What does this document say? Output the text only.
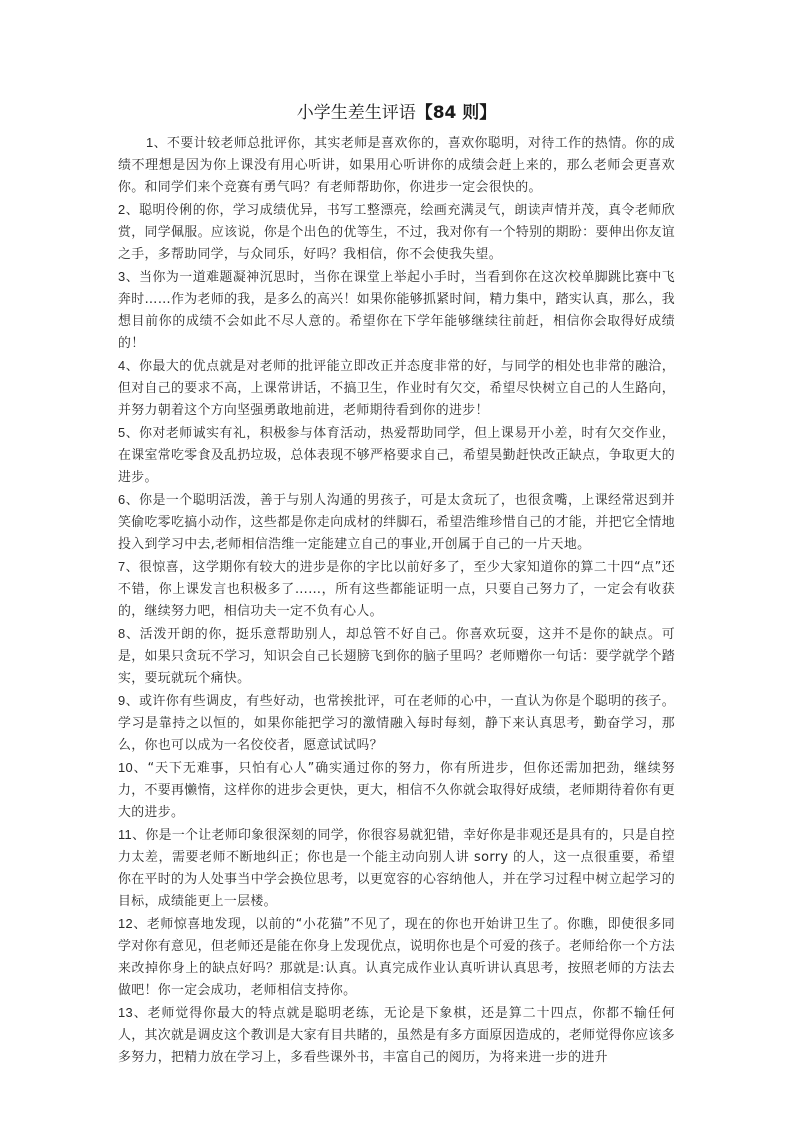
小学生差生评语【84 则】

1、不要计较老师总批评你，其实老师是喜欢你的，喜欢你聪明，对待工作的热情。你的成绩不理想是因为你上课没有用心听讲，如果用心听讲你的成绩会赶上来的，那么老师会更喜欢你。和同学们来个竞赛有勇气吗？有老师帮助你，你进步一定会很快的。

2、聪明伶俐的你，学习成绩优异，书写工整漂亮，绘画充满灵气，朗读声情并茂，真令老师欣赏，同学佩服。应该说，你是个出色的优等生，不过，我对你有一个特别的期盼：要伸出你友谊之手，多帮助同学，与众同乐，好吗？我相信，你不会使我失望。

3、当你为一道难题凝神沉思时，当你在课堂上举起小手时，当看到你在这次校单脚跳比赛中飞奔时……作为老师的我，是多么的高兴！如果你能够抓紧时间，精力集中，踏实认真，那么，我想目前你的成绩不会如此不尽人意的。希望你在下学年能够继续往前赶，相信你会取得好成绩的！

4、你最大的优点就是对老师的批评能立即改正并态度非常的好，与同学的相处也非常的融洽，但对自己的要求不高，上课常讲话，不搞卫生，作业时有欠交，希望尽快树立自己的人生路向，并努力朝着这个方向坚强勇敢地前进，老师期待看到你的进步！

5、你对老师诚实有礼，积极参与体育活动，热爱帮助同学，但上课易开小差，时有欠交作业，在课室常吃零食及乱扔垃圾，总体表现不够严格要求自己，希望昊勤赶快改正缺点，争取更大的进步。

6、你是一个聪明活泼，善于与别人沟通的男孩子，可是太贪玩了，也很贪嘴，上课经常迟到并笑偷吃零吃搞小动作，这些都是你走向成材的绊脚石，希望浩维珍惜自己的才能，并把它全情地投入到学习中去,老师相信浩维一定能建立自己的事业,开创属于自己的一片天地。

7、很惊喜，这学期你有较大的进步是你的字比以前好多了，至少大家知道你的算二十四“点”还不错，你上课发言也积极多了……，所有这些都能证明一点，只要自己努力了，一定会有收获的，继续努力吧，相信功夫一定不负有心人。

8、活泼开朗的你，挺乐意帮助别人，却总管不好自己。你喜欢玩耍，这并不是你的缺点。可是，如果只贪玩不学习，知识会自己长翅膀飞到你的脑子里吗？老师赠你一句话：要学就学个踏实，要玩就玩个痛快。

9、或许你有些调皮，有些好动，也常挨批评，可在老师的心中，一直认为你是个聪明的孩子。学习是靠持之以恒的，如果你能把学习的激情融入每时每刻，静下来认真思考，勤奋学习，那么，你也可以成为一名佼佼者，愿意试试吗？

10、“天下无难事，只怕有心人”确实通过你的努力，你有所进步，但你还需加把劲，继续努力，不要再懒惰，这样你的进步会更快，更大，相信不久你就会取得好成绩，老师期待着你有更大的进步。

11、你是一个让老师印象很深刻的同学，你很容易就犯错，幸好你是非观还是具有的，只是自控力太差，需要老师不断地纠正；你也是一个能主动向别人讲 sorry 的人，这一点很重要，希望你在平时的为人处事当中学会换位思考，以更宽容的心容纳他人，并在学习过程中树立起学习的目标，成绩能更上一层楼。

12、老师惊喜地发现，以前的“小花猫”不见了，现在的你也开始讲卫生了。你瞧，即使很多同学对你有意见，但老师还是能在你身上发现优点，说明你也是个可爱的孩子。老师给你一个方法来改掉你身上的缺点好吗？那就是:认真。认真完成作业认真听讲认真思考，按照老师的方法去做吧！你一定会成功，老师相信支持你。

13、老师觉得你最大的特点就是聪明老练，无论是下象棋，还是算二十四点，你都不输任何人，其次就是调皮这个教训是大家有目共睹的，虽然是有多方面原因造成的，老师觉得你应该多多努力，把精力放在学习上，多看些课外书，丰富自己的阅历，为将来进一步的进升
